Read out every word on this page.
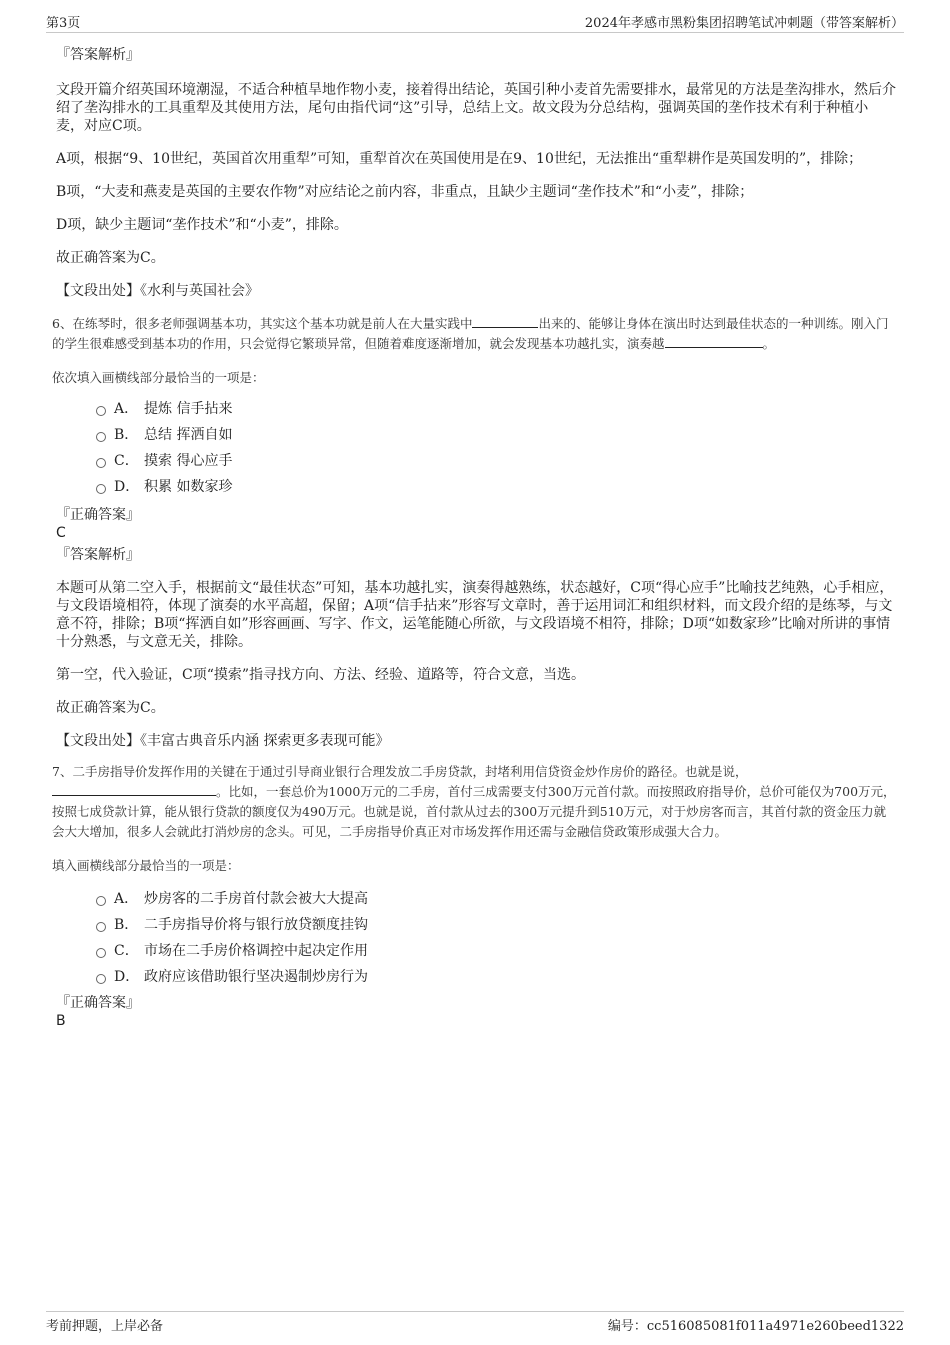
第3页	2024年孝感市黑粉集团招聘笔试冲刺题（带答案解析）

『答案解析』

文段开篇介绍英国环境潮湿，不适合种植旱地作物小麦，接着得出结论，英国引种小麦首先需要排水，最常见的方法是垄沟排水，然后介绍了垄沟排水的工具重犁及其使用方法，尾句由指代词“这”引导，总结上文。故文段为分总结构，强调英国的垄作技术有利于种植小麦，对应C项。

A项，根据“9、10世纪，英国首次用重犁”可知，重犁首次在英国使用是在9、10世纪，无法推出“重犁耕作是英国发明的”，排除；

B项，“大麦和燕麦是英国的主要农作物”对应结论之前内容，非重点，且缺少主题词“垄作技术”和“小麦”，排除；

D项，缺少主题词“垄作技术”和“小麦”，排除。

故正确答案为C。

【文段出处】《水利与英国社会》

6、在练琴时，很多老师强调基本功，其实这个基本功就是前人在大量实践中	出来的、能够让身体在演出时达到最佳状态的一种训练。刚入门的学生很难感受到基本功的作用，只会觉得它繁琐异常，但随着难度逐渐增加，就会发现基本功越扎实，演奏越	。

依次填入画横线部分最恰当的一项是：

A． 提炼 信手拈来
B． 总结 挥洒自如
C． 摸索 得心应手
D． 积累 如数家珍

『正确答案』

C

『答案解析』

本题可从第二空入手，根据前文“最佳状态”可知，基本功越扎实，演奏得越熟练，状态越好，C项“得心应手”比喻技艺纯熟，心手相应，与文段语境相符，体现了演奏的水平高超，保留；A项“信手拈来”形容写文章时，善于运用词汇和组织材料，而文段介绍的是练琴，与文意不符，排除；B项“挥洒自如”形容画画、写字、作文，运笔能随心所欲，与文段语境不相符，排除；D项“如数家珍”比喻对所讲的事情十分熟悉，与文意无关，排除。

第一空，代入验证，C项“摸索”指寻找方向、方法、经验、道路等，符合文意，当选。

故正确答案为C。

【文段出处】《丰富古典音乐内涵 探索更多表现可能》

7、二手房指导价发挥作用的关键在于通过引导商业银行合理发放二手房贷款，封堵利用信贷资金炒作房价的路径。也就是说，。比如，一套总价为1000万元的二手房，首付三成需要支付300万元首付款。而按照政府指导价，总价可能仅为700万元，按照七成贷款计算，能从银行贷款的额度仅为490万元。也就是说，首付款从过去的300万元提升到510万元，对于炒房客而言，其首付款的资金压力就会大大增加，很多人会就此打消炒房的念头。可见，二手房指导价真正对市场发挥作用还需与金融信贷政策形成强大合力。

填入画横线部分最恰当的一项是：

A． 炒房客的二手房首付款会被大大提高
B． 二手房指导价将与银行放贷额度挂钩
C． 市场在二手房价格调控中起决定作用
D． 政府应该借助银行坚决遏制炒房行为

『正确答案』

B

考前押题，上岸必备	编号：cc516085081f011a4971e260beed1322
